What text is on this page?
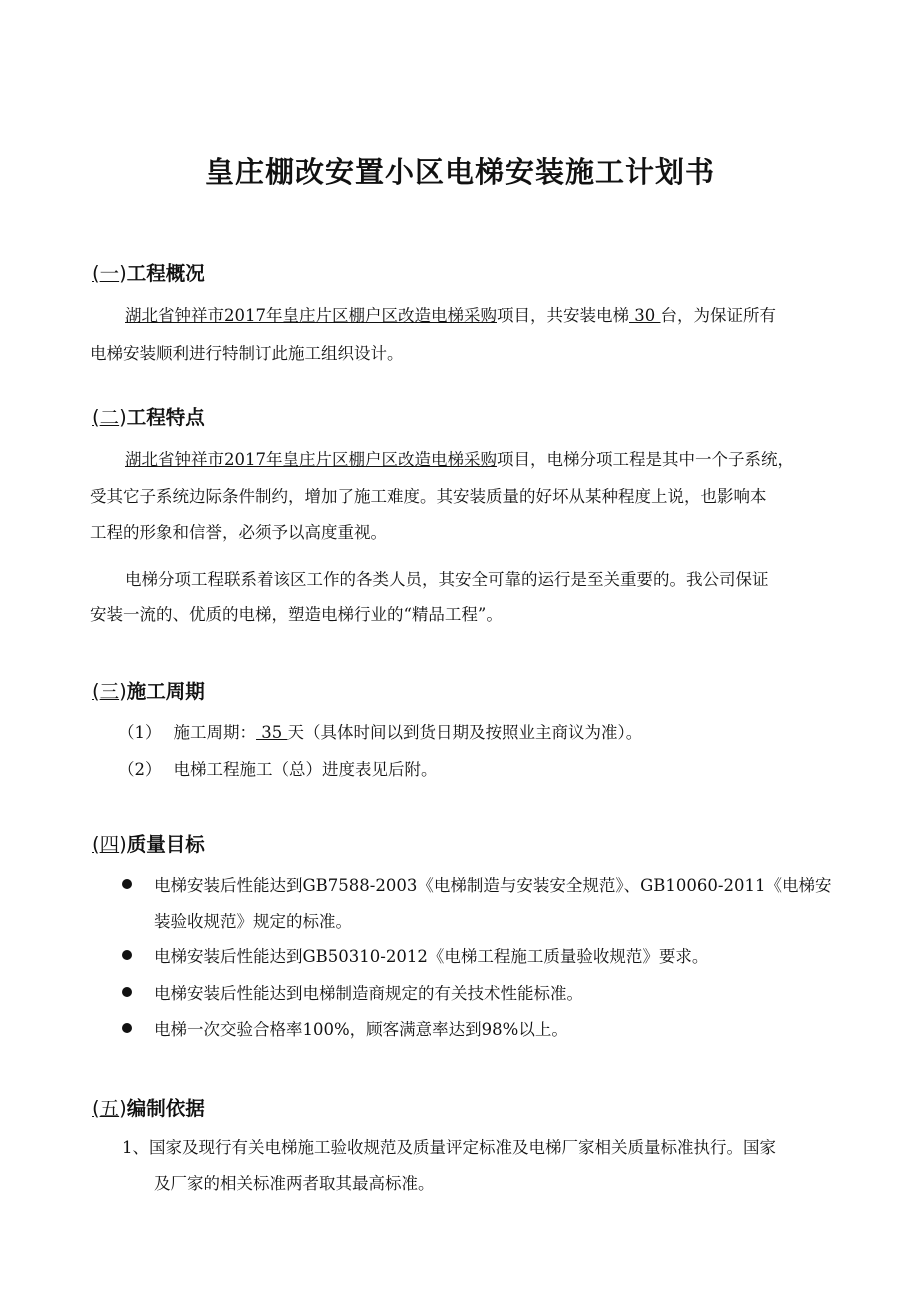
皇庄棚改安置小区电梯安装施工计划书
(一)工程概况
湖北省钟祥市2017年皇庄片区棚户区改造电梯采购项目，共安装电梯 30 台，为保证所有
电梯安装顺利进行特制订此施工组织设计。
(二)工程特点
湖北省钟祥市2017年皇庄片区棚户区改造电梯采购项目，电梯分项工程是其中一个子系统，
受其它子系统边际条件制约，增加了施工难度。其安装质量的好坏从某种程度上说，也影响本
工程的形象和信誉，必须予以高度重视。
电梯分项工程联系着该区工作的各类人员，其安全可靠的运行是至关重要的。我公司保证
安装一流的、优质的电梯，塑造电梯行业的“精品工程”。
(三)施工周期
（1） 施工周期： 35 天（具体时间以到货日期及按照业主商议为准）。
（2） 电梯工程施工（总）进度表见后附。
(四)质量目标
电梯安装后性能达到GB7588-2003《电梯制造与安装安全规范》、GB10060-2011《电梯安
装验收规范》规定的标准。
电梯安装后性能达到GB50310-2012《电梯工程施工质量验收规范》要求。
电梯安装后性能达到电梯制造商规定的有关技术性能标准。
电梯一次交验合格率100%，顾客满意率达到98%以上。
(五)编制依据
1、国家及现行有关电梯施工验收规范及质量评定标准及电梯厂家相关质量标准执行。国家
及厂家的相关标准两者取其最高标准。
